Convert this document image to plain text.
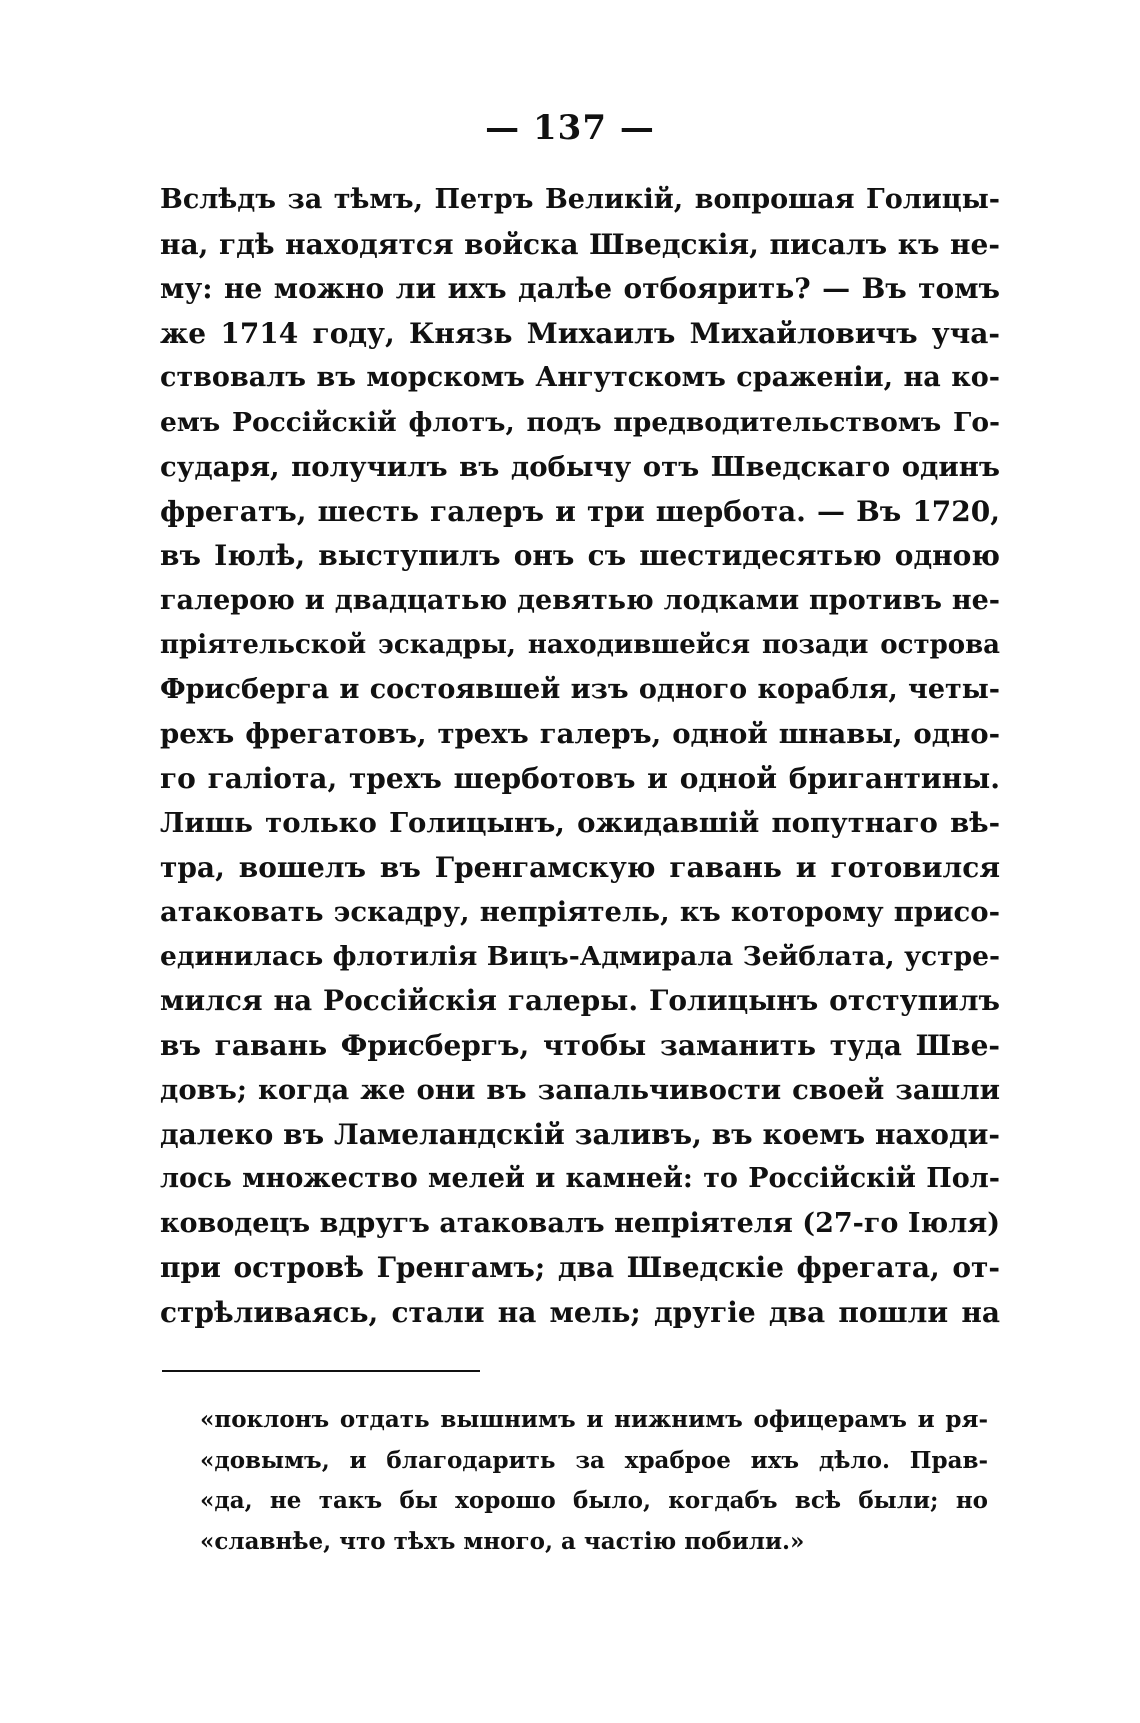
— 137 —
Вслѣдъ за тѣмъ, Петръ Великій, вопрошая Голицы-
на, гдѣ находятся войска Шведскія, писалъ къ не-
му: не можно ли ихъ далѣе отбоярить? — Въ томъ
же 1714 году, Князь Михаилъ Михайловичъ уча-
ствовалъ въ морскомъ Ангутскомъ сраженіи, на ко-
емъ Россійскій флотъ, подъ предводительствомъ Го-
сударя, получилъ въ добычу отъ Шведскаго одинъ
фрегатъ, шесть галеръ и три шербота. — Въ 1720,
въ Іюлѣ, выступилъ онъ съ шестидесятью одною
галерою и двадцатью девятью лодками противъ не-
пріятельской эскадры, находившейся позади острова
Фрисберга и состоявшей изъ одного корабля, четы-
рехъ фрегатовъ, трехъ галеръ, одной шнавы, одно-
го галіота, трехъ шерботовъ и одной бригантины.
Лишь только Голицынъ, ожидавшій попутнаго вѣ-
тра, вошелъ въ Гренгамскую гавань и готовился
атаковать эскадру, непріятель, къ которому присо-
единилась флотилія Вицъ-Адмирала Зейблата, устре-
мился на Россійскія галеры. Голицынъ отступилъ
въ гавань Фрисбергъ, чтобы заманить туда Шве-
довъ; когда же они въ запальчивости своей зашли
далеко въ Ламеландскій заливъ, въ коемъ находи-
лось множество мелей и камней: то Россійскій Пол-
ководецъ вдругъ атаковалъ непріятеля (27-го Іюля)
при островѣ Гренгамъ; два Шведскіе фрегата, от-
стрѣливаясь, стали на мель; другіе два пошли на
«поклонъ отдать вышнимъ и нижнимъ офицерамъ и ря-
«довымъ, и благодарить за храброе ихъ дѣло. Прав-
«да, не такъ бы хорошо было, когдабъ всѣ были; но
«славнѣе, что тѣхъ много, а частію побили.»
